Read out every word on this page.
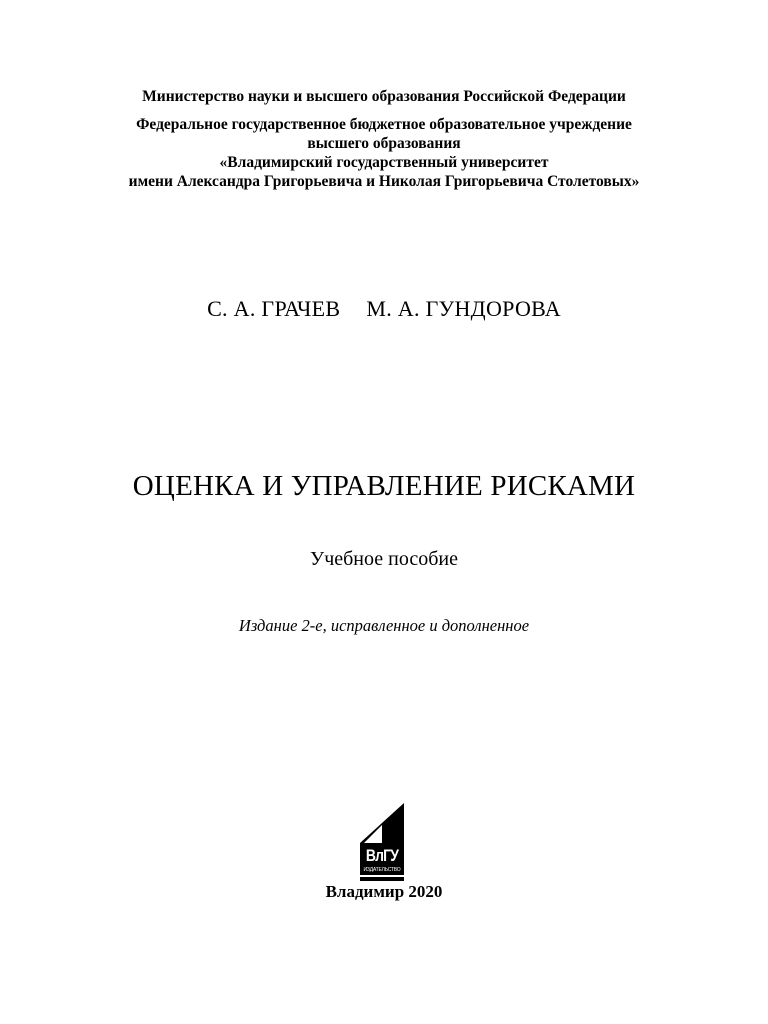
Министерство науки и высшего образования Российской Федерации
Федеральное государственное бюджетное образовательное учреждение
высшего образования
«Владимирский государственный университет
имени Александра Григорьевича и Николая Григорьевича Столетовых»
С. А. ГРАЧЕВ М. А. ГУНДОРОВА
ОЦЕНКА И УПРАВЛЕНИЕ РИСКАМИ
Учебное пособие
Издание 2-е, исправленное и дополненное
ВлГУ
ИЗДАТЕЛЬСТВО
Владимир 2020
